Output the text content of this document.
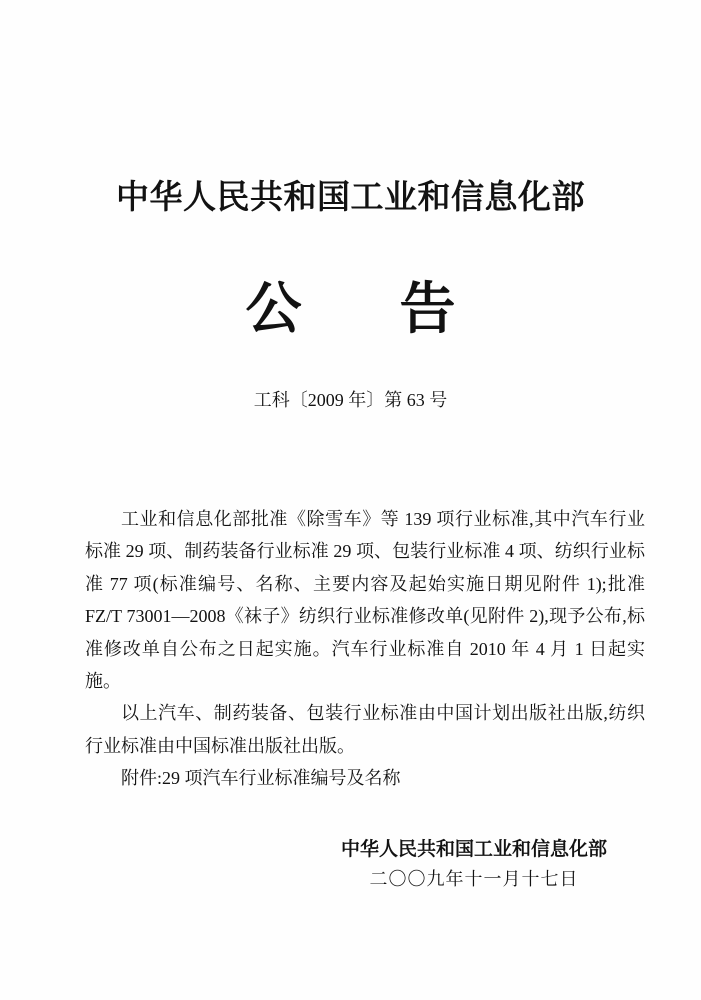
中华人民共和国工业和信息化部
公 告
工科〔2009 年〕第 63 号

工业和信息化部批准《除雪车》等 139 项行业标准,其中汽车行业标准 29 项、制药装备行业标准 29 项、包装行业标准 4 项、纺织行业标准 77 项(标准编号、名称、主要内容及起始实施日期见附件 1);批准 FZ/T 73001—2008《袜子》纺织行业标准修改单(见附件 2),现予公布,标准修改单自公布之日起实施。汽车行业标准自 2010 年 4 月 1 日起实施。

以上汽车、制药装备、包装行业标准由中国计划出版社出版,纺织行业标准由中国标准出版社出版。

附件:29 项汽车行业标准编号及名称

中华人民共和国工业和信息化部
二〇〇九年十一月十七日
